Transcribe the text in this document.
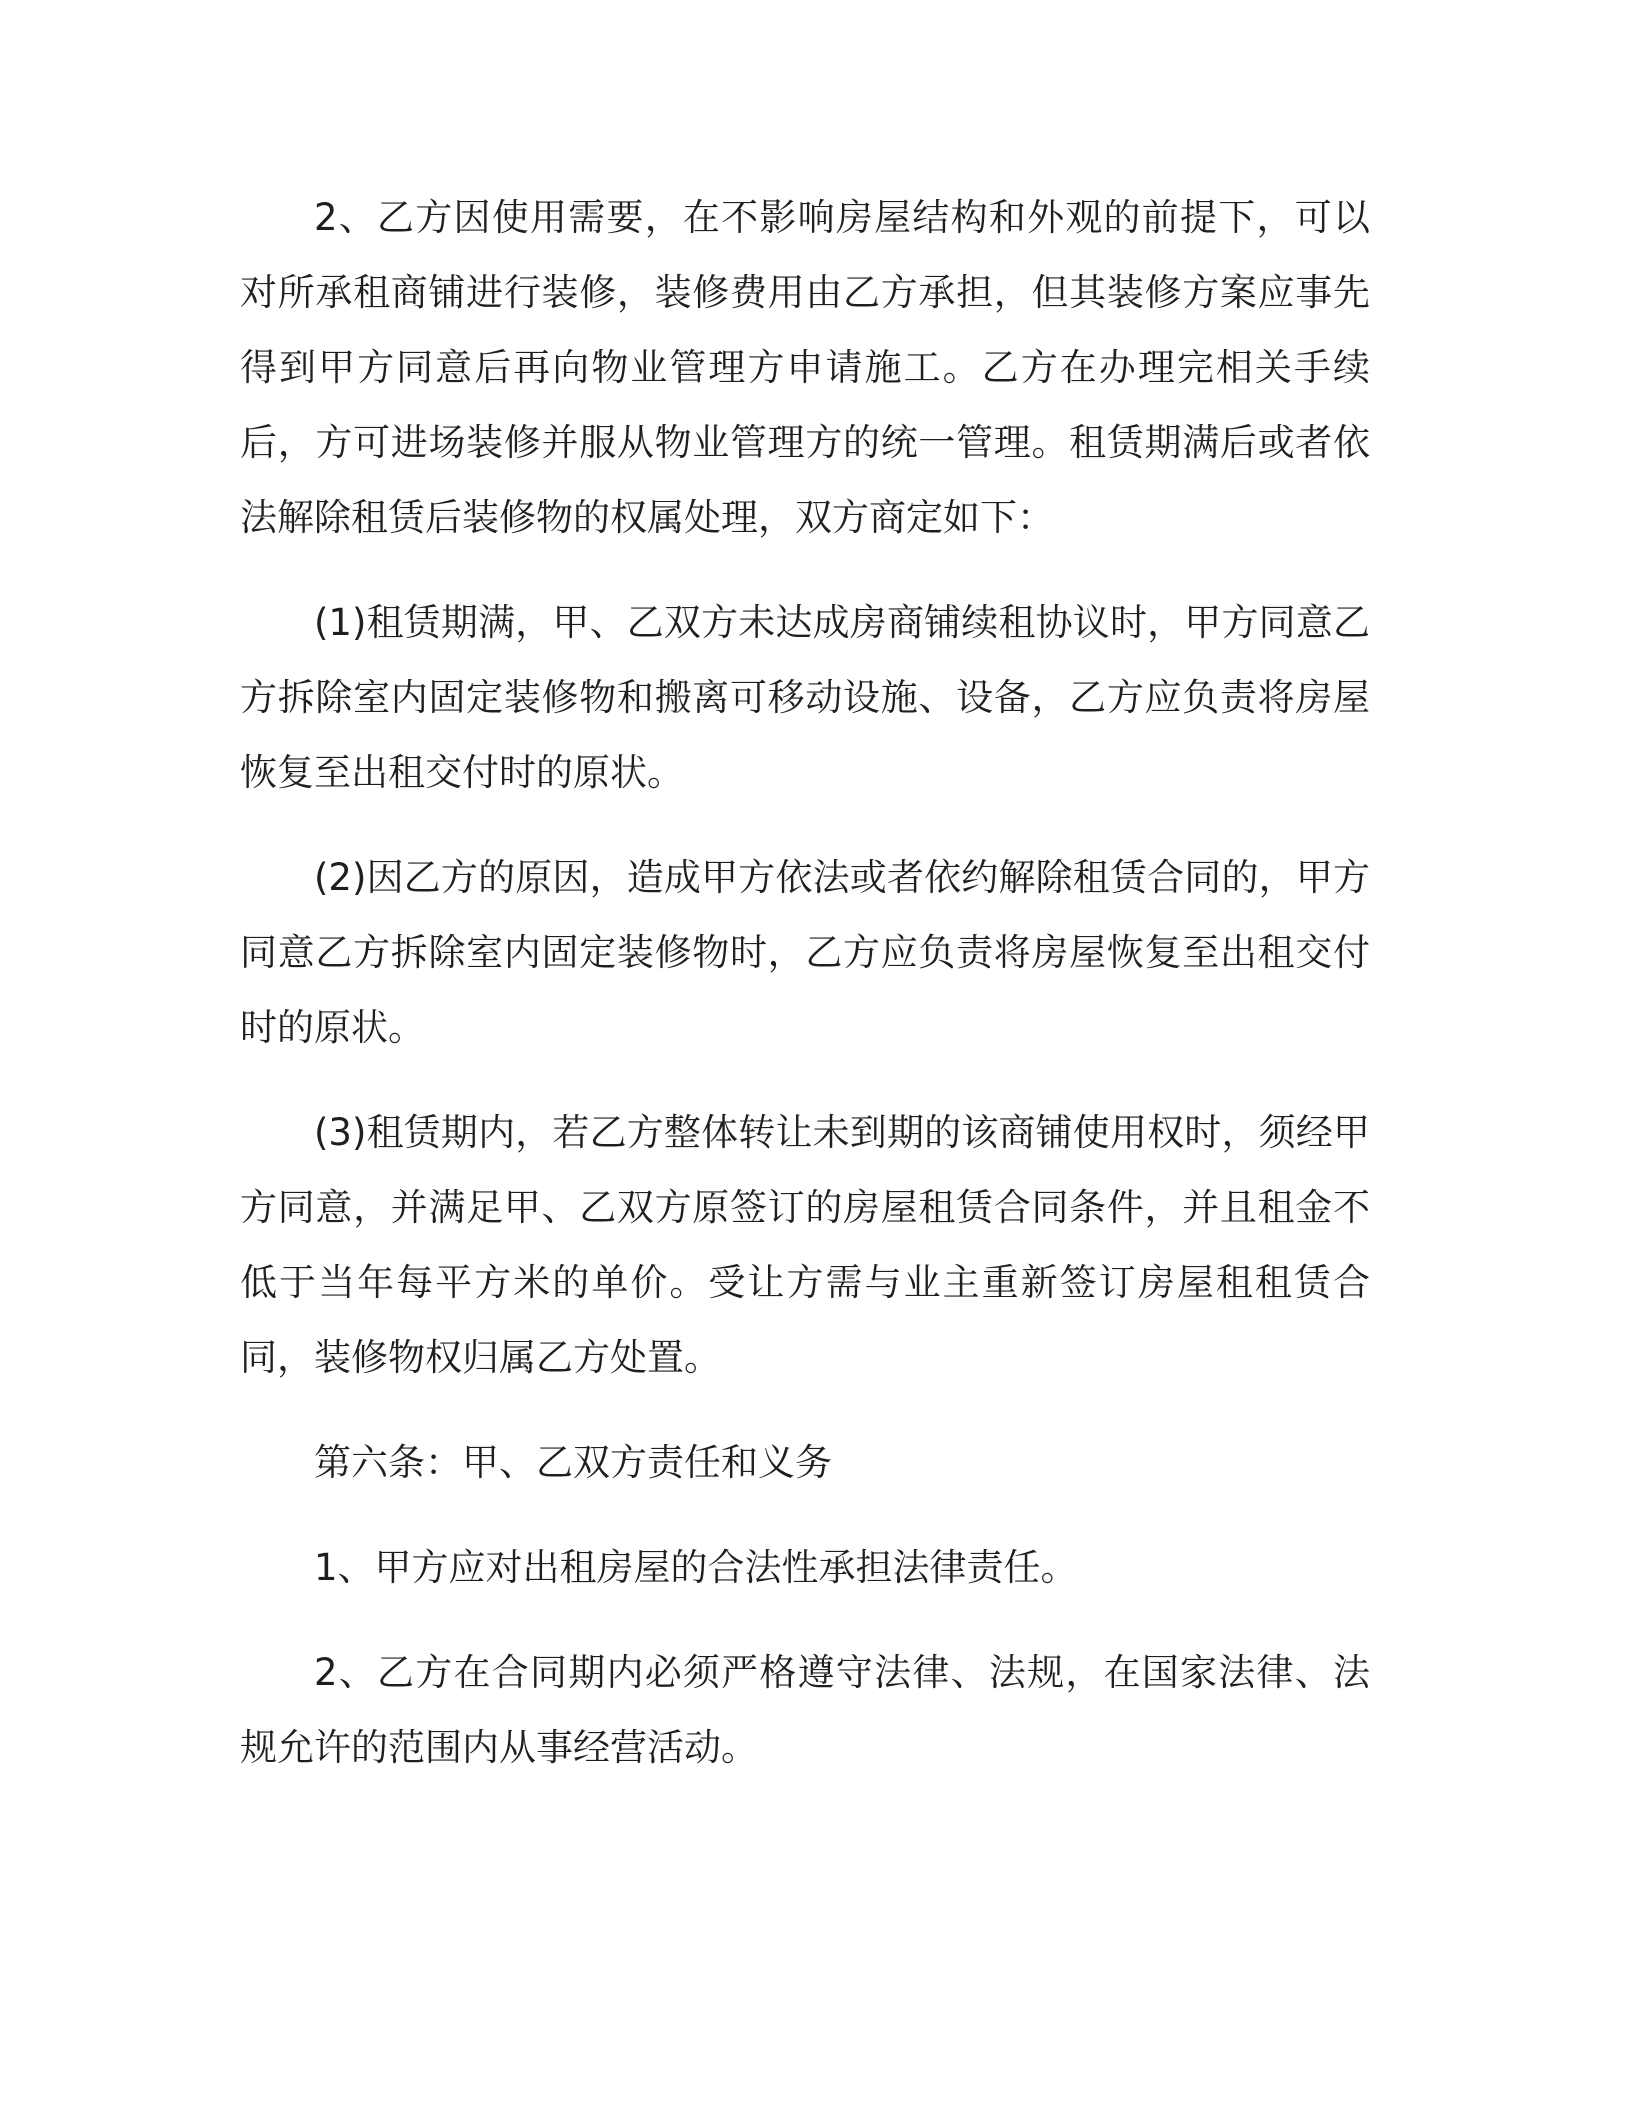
2、乙方因使用需要，在不影响房屋结构和外观的前提下，可以对所承租商铺进行装修，装修费用由乙方承担，但其装修方案应事先得到甲方同意后再向物业管理方申请施工。乙方在办理完相关手续后，方可进场装修并服从物业管理方的统一管理。租赁期满后或者依法解除租赁后装修物的权属处理，双方商定如下：

(1)租赁期满，甲、乙双方未达成房商铺续租协议时，甲方同意乙方拆除室内固定装修物和搬离可移动设施、设备，乙方应负责将房屋恢复至出租交付时的原状。

(2)因乙方的原因，造成甲方依法或者依约解除租赁合同的，甲方同意乙方拆除室内固定装修物时，乙方应负责将房屋恢复至出租交付时的原状。

(3)租赁期内，若乙方整体转让未到期的该商铺使用权时，须经甲方同意，并满足甲、乙双方原签订的房屋租赁合同条件，并且租金不低于当年每平方米的单价。受让方需与业主重新签订房屋租租赁合同，装修物权归属乙方处置。

第六条：甲、乙双方责任和义务

1、甲方应对出租房屋的合法性承担法律责任。

2、乙方在合同期内必须严格遵守法律、法规，在国家法律、法规允许的范围内从事经营活动。
